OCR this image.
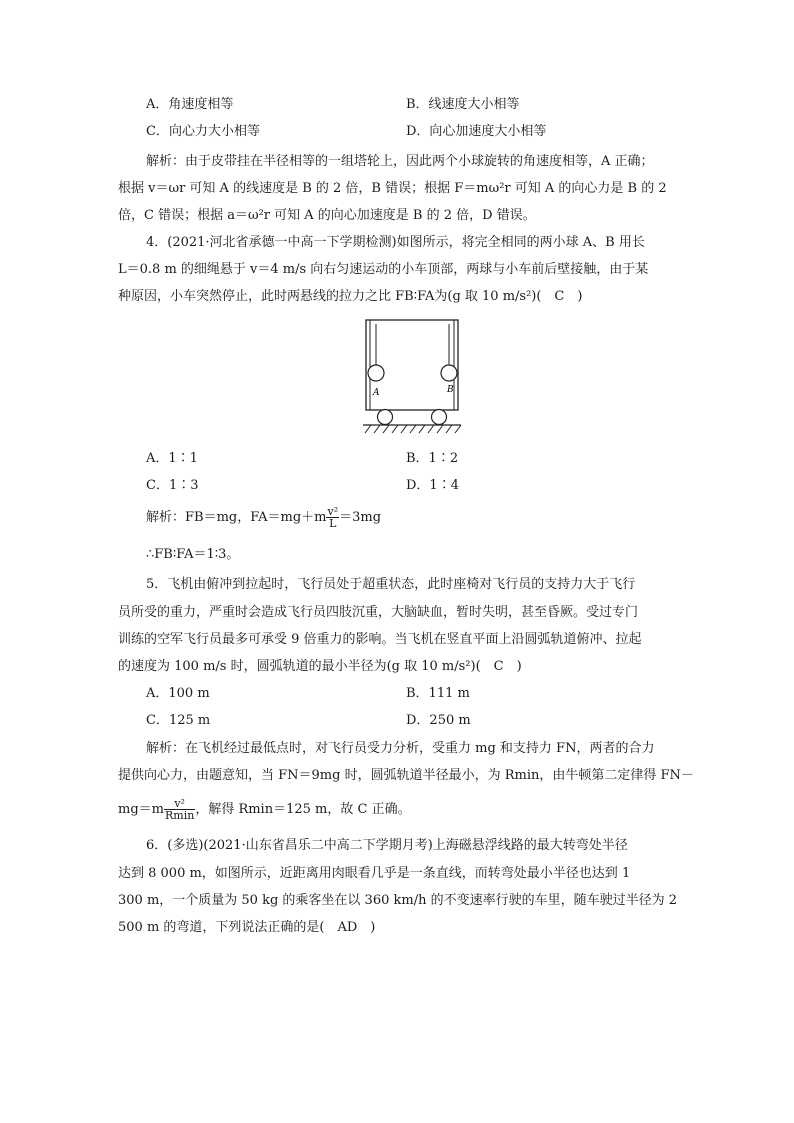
A．角速度相等	B．线速度大小相等
C．向心力大小相等	D．向心加速度大小相等
解析：由于皮带挂在半径相等的一组塔轮上，因此两个小球旋转的角速度相等，A 正确；
根据 v＝ωr 可知 A 的线速度是 B 的 2 倍，B 错误；根据 F＝mω²r 可知 A 的向心力是 B 的 2
倍，C 错误；根据 a＝ω²r 可知 A 的向心加速度是 B 的 2 倍，D 错误。
4．(2021·河北省承德一中高一下学期检测)如图所示，将完全相同的两小球 A、B 用长
L＝0.8 m 的细绳悬于 v＝4 m/s 向右匀速运动的小车顶部，两球与小车前后壁接触，由于某
种原因，小车突然停止，此时两悬线的拉力之比 FB∶FA为(g 取 10 m/s²)(　C　)
A	B
A．1∶1	B．1∶2
C．1∶3	D．1∶4
解析：FB＝mg，$FA=mg+m \frac{\text{v²}}{L} =3mg$
∴FB∶FA＝1∶3。
5．飞机由俯冲到拉起时，飞行员处于超重状态，此时座椅对飞行员的支持力大于飞行
员所受的重力，严重时会造成飞行员四肢沉重，大脑缺血，暂时失明，甚至昏厥。受过专门
训练的空军飞行员最多可承受 9 倍重力的影响。当飞机在竖直平面上沿圆弧轨道俯冲、拉起
的速度为 100 m/s 时，圆弧轨道的最小半径为(g 取 10 m/s²)(　C　)
A．100 m	B．111 m
C．125 m	D．250 m
解析：在飞机经过最低点时，对飞行员受力分析，受重力 mg 和支持力 FN，两者的合力
提供向心力，由题意知，当 FN＝9mg 时，圆弧轨道半径最小，为 Rmin，由牛顿第二定律得 FN－
$mg=m \frac{\text{v²}}{Rmin}$ ，解得 Rmin＝125 m，故 C 正确。
6．(多选)(2021·山东省昌乐二中高二下学期月考)上海磁悬浮线路的最大转弯处半径
达到 8 000 m，如图所示，近距离用肉眼看几乎是一条直线，而转弯处最小半径也达到 1
300 m，一个质量为 50 kg 的乘客坐在以 360 km/h 的不变速率行驶的车里，随车驶过半径为 2
500 m 的弯道，下列说法正确的是(　AD　)
